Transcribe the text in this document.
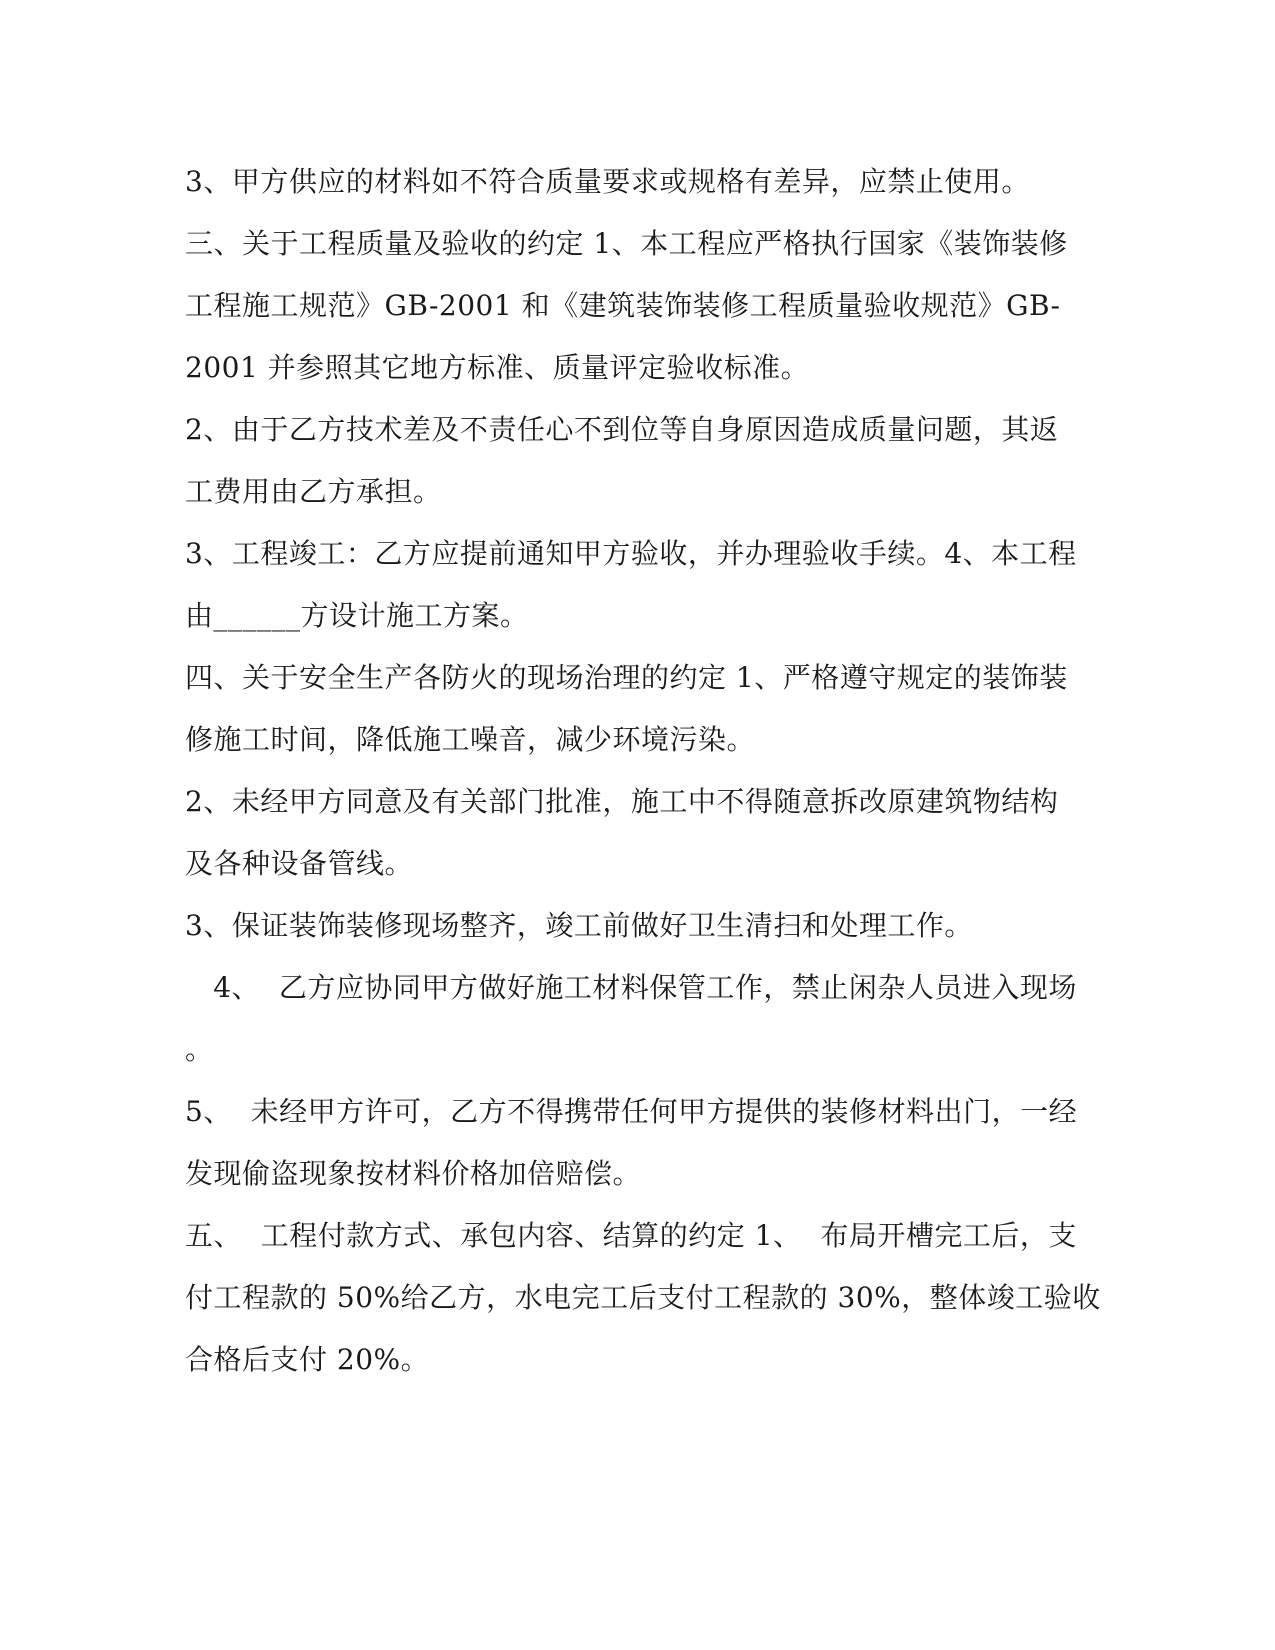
3、甲方供应的材料如不符合质量要求或规格有差异，应禁止使用。
三、关于工程质量及验收的约定 1、本工程应严格执行国家《装饰装修
工程施工规范》GB-2001 和《建筑装饰装修工程质量验收规范》GB-
2001 并参照其它地方标准、质量评定验收标准。
2、由于乙方技术差及不责任心不到位等自身原因造成质量问题，其返
工费用由乙方承担。
3、工程竣工：乙方应提前通知甲方验收，并办理验收手续。4、本工程
由______方设计施工方案。
四、关于安全生产各防火的现场治理的约定 1、严格遵守规定的装饰装
修施工时间，降低施工噪音，减少环境污染。
2、未经甲方同意及有关部门批准，施工中不得随意拆改原建筑物结构
及各种设备管线。
3、保证装饰装修现场整齐，竣工前做好卫生清扫和处理工作。
4、  乙方应协同甲方做好施工材料保管工作，禁止闲杂人员进入现场
。
5、  未经甲方许可，乙方不得携带任何甲方提供的装修材料出门，一经
发现偷盗现象按材料价格加倍赔偿。
五、  工程付款方式、承包内容、结算的约定 1、  布局开槽完工后，支
付工程款的 50%给乙方，水电完工后支付工程款的 30%，整体竣工验收
合格后支付 20%。
